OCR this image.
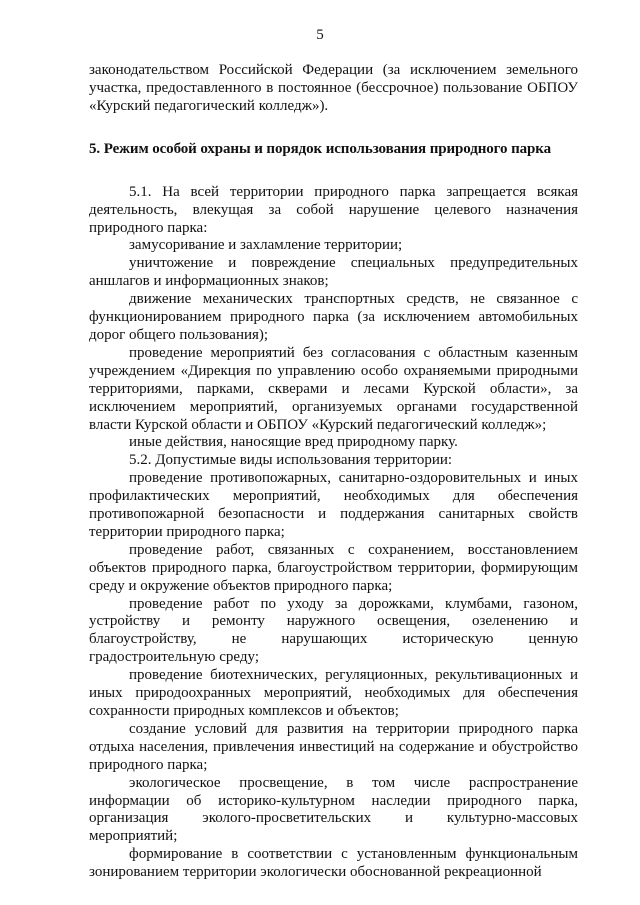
5

законодательством Российской Федерации (за исключением земельного участка, предоставленного в постоянное (бессрочное) пользование ОБПОУ «Курский педагогический колледж»).

5. Режим особой охраны и порядок использования природного парка

5.1. На всей территории природного парка запрещается всякая деятельность, влекущая за собой нарушение целевого назначения природного парка:

замусоривание и захламление территории;

уничтожение и повреждение специальных предупредительных аншлагов и информационных знаков;

движение механических транспортных средств, не связанное с функционированием природного парка (за исключением автомобильных дорог общего пользования);

проведение мероприятий без согласования с областным казенным учреждением «Дирекция по управлению особо охраняемыми природными территориями, парками, скверами и лесами Курской области», за исключением мероприятий, организуемых органами государственной власти Курской области и ОБПОУ «Курский педагогический колледж»;

иные действия, наносящие вред природному парку.

5.2. Допустимые виды использования территории:

проведение противопожарных, санитарно-оздоровительных и иных профилактических мероприятий, необходимых для обеспечения противопожарной безопасности и поддержания санитарных свойств территории природного парка;

проведение работ, связанных с сохранением, восстановлением объектов природного парка, благоустройством территории, формирующим среду и окружение объектов природного парка;

проведение работ по уходу за дорожками, клумбами, газоном, устройству и ремонту наружного освещения, озеленению и благоустройству, не нарушающих историческую ценную градостроительную среду;

проведение биотехнических, регуляционных, рекультивационных и иных природоохранных мероприятий, необходимых для обеспечения сохранности природных комплексов и объектов;

создание условий для развития на территории природного парка отдыха населения, привлечения инвестиций на содержание и обустройство природного парка;

экологическое просвещение, в том числе распространение информации об историко-культурном наследии природного парка, организация эколого-просветительских и культурно-массовых мероприятий;

формирование в соответствии с установленным функциональным зонированием территории экологически обоснованной рекреационной
